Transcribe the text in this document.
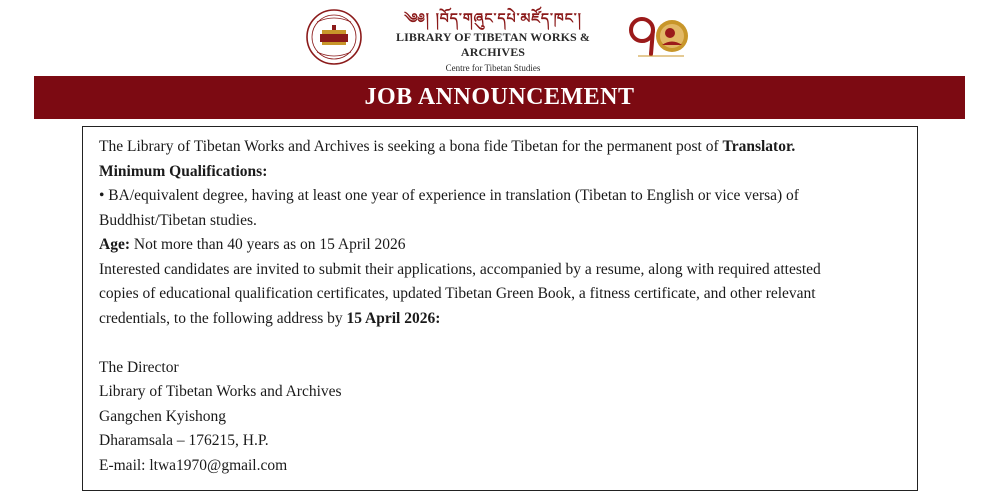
༄༅། །བོད་གཞུང་དཔེ་མཛོད་ཁང་།
LIBRARY OF TIBETAN WORKS & ARCHIVES
Centre for Tibetan Studies
JOB ANNOUNCEMENT

The Library of Tibetan Works and Archives is seeking a bona fide Tibetan for the permanent post of Translator.

Minimum Qualifications:

• BA/equivalent degree, having at least one year of experience in translation (Tibetan to English or vice versa) of

Buddhist/Tibetan studies.

Age: Not more than 40 years as on 15 April 2026

Interested candidates are invited to submit their applications, accompanied by a resume, along with required attested

copies of educational qualification certificates, updated Tibetan Green Book, a fitness certificate, and other relevant

credentials, to the following address by 15 April 2026:

The Director

Library of Tibetan Works and Archives

Gangchen Kyishong

Dharamsala – 176215, H.P.

E-mail: ltwa1970@gmail.com
